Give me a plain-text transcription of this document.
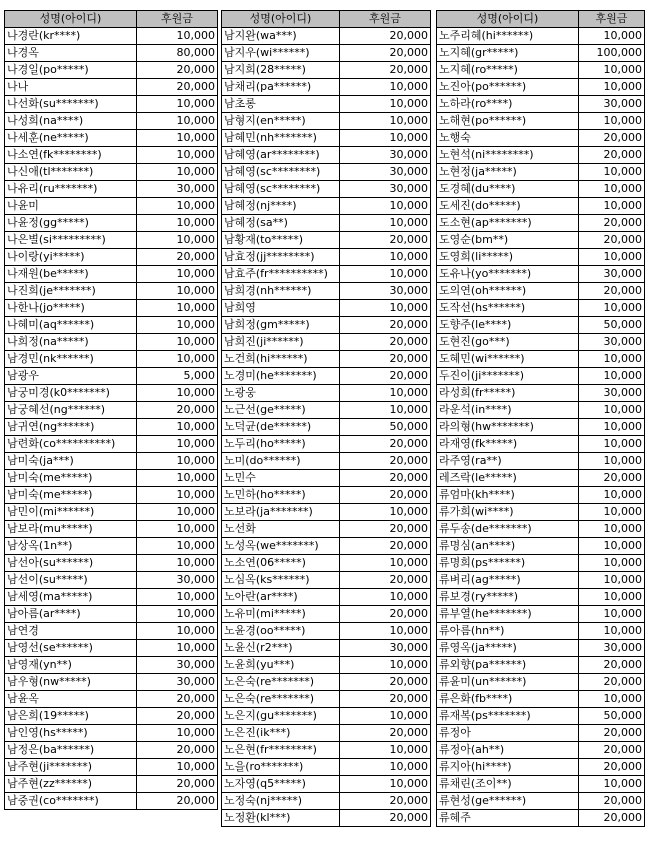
성명(아이디)	후원금
나경란(kr****)	10,000
나경옥	80,000
나경일(po*****)	20,000
나나	20,000
나선화(su*******)	10,000
나성희(na****)	10,000
나세훈(ne*****)	10,000
나소연(fk********)	10,000
나신애(tl*******)	10,000
나유리(ru*******)	30,000
나윤미	10,000
나윤정(gg*****)	10,000
나은별(si*********)	10,000
나이랑(yi*****)	20,000
나재원(be*****)	10,000
나진희(je*******)	10,000
나한나(jo*****)	10,000
나혜미(aq******)	10,000
나희정(na*****)	10,000
남경민(nk******)	10,000
남광우	5,000
남궁미경(k0*******)	10,000
남궁혜선(ng******)	20,000
남귀연(ng******)	10,000
남련화(co**********)	10,000
남미숙(ja***)	10,000
남미숙(me*****)	10,000
남미숙(me*****)	10,000
남민이(mi******)	10,000
남보라(mu*****)	10,000
남상옥(1n**)	10,000
남선아(su******)	10,000
남선이(su*****)	30,000
남세영(ma*****)	10,000
남아름(ar****)	10,000
남연경	10,000
남영선(se******)	10,000
남영재(yn**)	30,000
남우형(nw*****)	30,000
남윤옥	20,000
남은희(19*****)	20,000
남인영(hs*****)	10,000
남정은(ba******)	20,000
남주현(ji*******)	10,000
남주현(zz******)	20,000
남중권(co*******)	20,000
성명(아이디)	후원금
남지완(wa***)	20,000
남지우(wi******)	20,000
남지희(28*****)	20,000
남채리(pa******)	10,000
남초롱	10,000
남형지(en*****)	10,000
남혜민(nh*******)	10,000
남혜영(ar********)	30,000
남혜영(sc********)	30,000
남혜영(sc********)	30,000
남혜정(nj****)	10,000
남혜정(sa**)	10,000
남황재(to*****)	20,000
남효정(jj********)	10,000
남효주(fr**********)	10,000
남희경(nh******)	30,000
남희영	10,000
남희정(gm*****)	20,000
남희진(ji******)	20,000
노건희(hi******)	20,000
노경미(he*******)	20,000
노광웅	10,000
노근선(ge*****)	10,000
노덕균(de******)	50,000
노두리(ho*****)	20,000
노미(do******)	20,000
노민수	20,000
노민하(ho*****)	20,000
노보라(ja*******)	10,000
노선화	20,000
노성옥(we*******)	20,000
노소연(06*****)	10,000
노심옥(ks******)	20,000
노아란(ar****)	10,000
노유미(mi*****)	20,000
노윤경(oo*****)	10,000
노윤신(r2***)	30,000
노윤희(yu***)	10,000
노은숙(re*******)	20,000
노은숙(re*******)	20,000
노은지(gu*******)	10,000
노은진(ik***)	20,000
노은현(fr********)	10,000
노을(ro*******)	10,000
노자영(q5*****)	10,000
노정숙(nj*****)	20,000
노정환(kl***)	20,000
성명(아이디)	후원금
노주리혜(hi******)	10,000
노지혜(gr*****)	100,000
노지혜(ro*****)	10,000
노진아(po******)	10,000
노하라(ro****)	30,000
노해현(po******)	10,000
노행숙	20,000
노현석(ni********)	20,000
노현정(ja*****)	10,000
도경혜(du****)	10,000
도세진(do*****)	10,000
도소현(ap*******)	20,000
도영순(bm**)	20,000
도영희(li*****)	10,000
도유나(yo*******)	30,000
도의연(oh******)	20,000
도작선(hs******)	10,000
도향주(le****)	50,000
도현진(go***)	30,000
도혜민(wi******)	10,000
두진이(ji*******)	10,000
라성희(fr*****)	30,000
라운석(in****)	10,000
라의형(hw*******)	10,000
라재영(fk*****)	10,000
라주영(ra**)	10,000
레즈락(le*****)	20,000
류엄마(kh****)	10,000
류가희(wi****)	10,000
류두송(de*******)	10,000
류명심(an****)	10,000
류명희(ps******)	10,000
류벼리(ag*****)	10,000
류보경(ry*****)	10,000
류부열(he*******)	10,000
류아름(hn**)	10,000
류영옥(ja*****)	30,000
류외향(pa******)	20,000
류윤미(un******)	20,000
류은화(fb****)	10,000
류재복(ps*******)	50,000
류정아	20,000
류정아(ah**)	20,000
류지아(hi****)	20,000
류채린(조이**)	10,000
류현성(ge******)	20,000
류혜주	20,000
